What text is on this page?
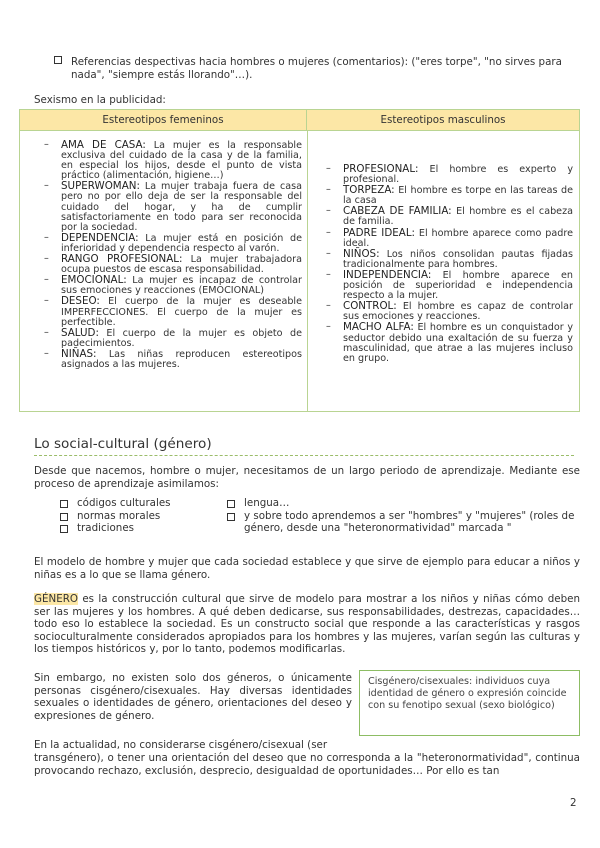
Referencias despectivas hacia hombres o mujeres (comentarios): ("eres torpe", "no sirves para
nada", "siempre estás llorando"…).
Sexismo en la publicidad:
Estereotipos femeninos	Estereotipos masculinos
– AMA DE CASA: La mujer es la responsable exclusiva del cuidado de la casa y de la familia, en especial los hijos, desde el punto de vista práctico (alimentación, higiene…)
– SUPERWOMAN: La mujer trabaja fuera de casa pero no por ello deja de ser la responsable del cuidado del hogar, y ha de cumplir satisfactoriamente en todo para ser reconocida por la sociedad.
– DEPENDENCIA: La mujer está en posición de inferioridad y dependencia respecto al varón.
– RANGO PROFESIONAL: La mujer trabajadora ocupa puestos de escasa responsabilidad.
– EMOCIONAL: La mujer es incapaz de controlar sus emociones y reacciones (EMOCIONAL)
– DESEO: El cuerpo de la mujer es deseable IMPERFECCIONES. El cuerpo de la mujer es perfectible.
– SALUD: El cuerpo de la mujer es objeto de padecimientos.
– NIÑAS: Las niñas reproducen estereotipos asignados a las mujeres.
– PROFESIONAL: El hombre es experto y profesional.
– TORPEZA: El hombre es torpe en las tareas de la casa
– CABEZA DE FAMILIA: El hombre es el cabeza de familia.
– PADRE IDEAL: El hombre aparece como padre ideal.
– NIÑOS: Los niños consolidan pautas fijadas tradicionalmente para hombres.
– INDEPENDENCIA: El hombre aparece en posición de superioridad e independencia respecto a la mujer.
– CONTROL: El hombre es capaz de controlar sus emociones y reacciones.
– MACHO ALFA: El hombre es un conquistador y seductor debido una exaltación de su fuerza y masculinidad, que atrae a las mujeres incluso en grupo.
Lo social-cultural (género)
Desde que nacemos, hombre o mujer, necesitamos de un largo periodo de aprendizaje. Mediante ese proceso de aprendizaje asimilamos:
códigos culturales
normas morales
tradiciones
lengua…
y sobre todo aprendemos a ser "hombres" y "mujeres" (roles de género, desde una "heteronormatividad" marcada "
El modelo de hombre y mujer que cada sociedad establece y que sirve de ejemplo para educar a niños y niñas es a lo que se llama género.
GÉNERO es la construcción cultural que sirve de modelo para mostrar a los niños y niñas cómo deben ser las mujeres y los hombres. A qué deben dedicarse, sus responsabilidades, destrezas, capacidades… todo eso lo establece la sociedad. Es un constructo social que responde a las características y rasgos socioculturalmente considerados apropiados para los hombres y las mujeres, varían según las culturas y los tiempos históricos y, por lo tanto, podemos modificarlas.
Sin embargo, no existen solo dos géneros, o únicamente personas cisgénero/cisexuales. Hay diversas identidades sexuales o identidades de género, orientaciones del deseo y expresiones de género.
Cisgénero/cisexuales: individuos cuya identidad de género o expresión coincide con su fenotipo sexual (sexo biológico)
En la actualidad, no considerarse cisgénero/cisexual (ser
transgénero), o tener una orientación del deseo que no corresponda a la "heteronormatividad", continua provocando rechazo, exclusión, desprecio, desigualdad de oportunidades… Por ello es tan
2
